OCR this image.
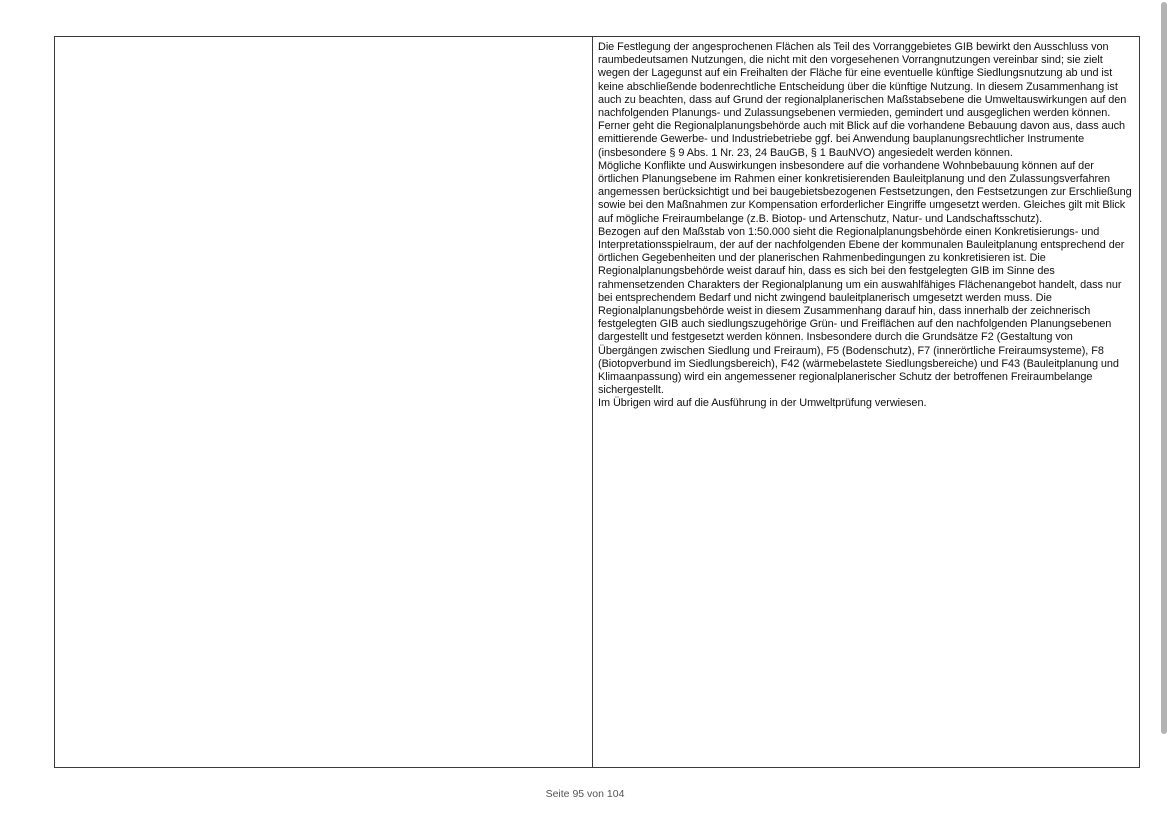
Die Festlegung der angesprochenen Flächen als Teil des Vorranggebietes GIB bewirkt den Ausschluss von raumbedeutsamen Nutzungen, die nicht mit den vorgesehenen Vorrangnutzungen vereinbar sind; sie zielt wegen der Lagegunst auf ein Freihalten der Fläche für eine eventuelle künftige Siedlungsnutzung ab und ist keine abschließende bodenrechtliche Entscheidung über die künftige Nutzung. In diesem Zusammenhang ist auch zu beachten, dass auf Grund der regionalplanerischen Maßstabsebene die Umweltauswirkungen auf den nachfolgenden Planungs- und Zulassungsebenen vermieden, gemindert und ausgeglichen werden können. Ferner geht die Regionalplanungsbehörde auch mit Blick auf die vorhandene Bebauung davon aus, dass auch emittierende Gewerbe- und Industriebetriebe ggf. bei Anwendung bauplanungsrechtlicher Instrumente (insbesondere § 9 Abs. 1 Nr. 23, 24 BauGB, § 1 BauNVO) angesiedelt werden können.

Mögliche Konflikte und Auswirkungen insbesondere auf die vorhandene Wohnbebauung können auf der örtlichen Planungsebene im Rahmen einer konkretisierenden Bauleitplanung und den Zulassungsverfahren angemessen berücksichtigt und bei baugebietsbezogenen Festsetzungen, den Festsetzungen zur Erschließung sowie bei den Maßnahmen zur Kompensation erforderlicher Eingriffe umgesetzt werden. Gleiches gilt mit Blick auf mögliche Freiraumbelange (z.B. Biotop- und Artenschutz, Natur- und Landschaftsschutz).

Bezogen auf den Maßstab von 1:50.000 sieht die Regionalplanungsbehörde einen Konkretisierungs- und Interpretationsspielraum, der auf der nachfolgenden Ebene der kommunalen Bauleitplanung entsprechend der örtlichen Gegebenheiten und der planerischen Rahmenbedingungen zu konkretisieren ist. Die Regionalplanungsbehörde weist darauf hin, dass es sich bei den festgelegten GIB im Sinne des rahmensetzenden Charakters der Regionalplanung um ein auswahlfähiges Flächenangebot handelt, dass nur bei entsprechendem Bedarf und nicht zwingend bauleitplanerisch umgesetzt werden muss. Die Regionalplanungsbehörde weist in diesem Zusammenhang darauf hin, dass innerhalb der zeichnerisch festgelegten GIB auch siedlungszugehörige Grün- und Freiflächen auf den nachfolgenden Planungsebenen dargestellt und festgesetzt werden können. Insbesondere durch die Grundsätze F2 (Gestaltung von Übergängen zwischen Siedlung und Freiraum), F5 (Bodenschutz), F7 (innerörtliche Freiraumsysteme), F8 (Biotopverbund im Siedlungsbereich), F42 (wärmebelastete Siedlungsbereiche) und F43 (Bauleitplanung und Klimaanpassung) wird ein angemessener regionalplanerischer Schutz der betroffenen Freiraumbelange sichergestellt.

Im Übrigen wird auf die Ausführung in der Umweltprüfung verwiesen.

Seite 95 von 104
